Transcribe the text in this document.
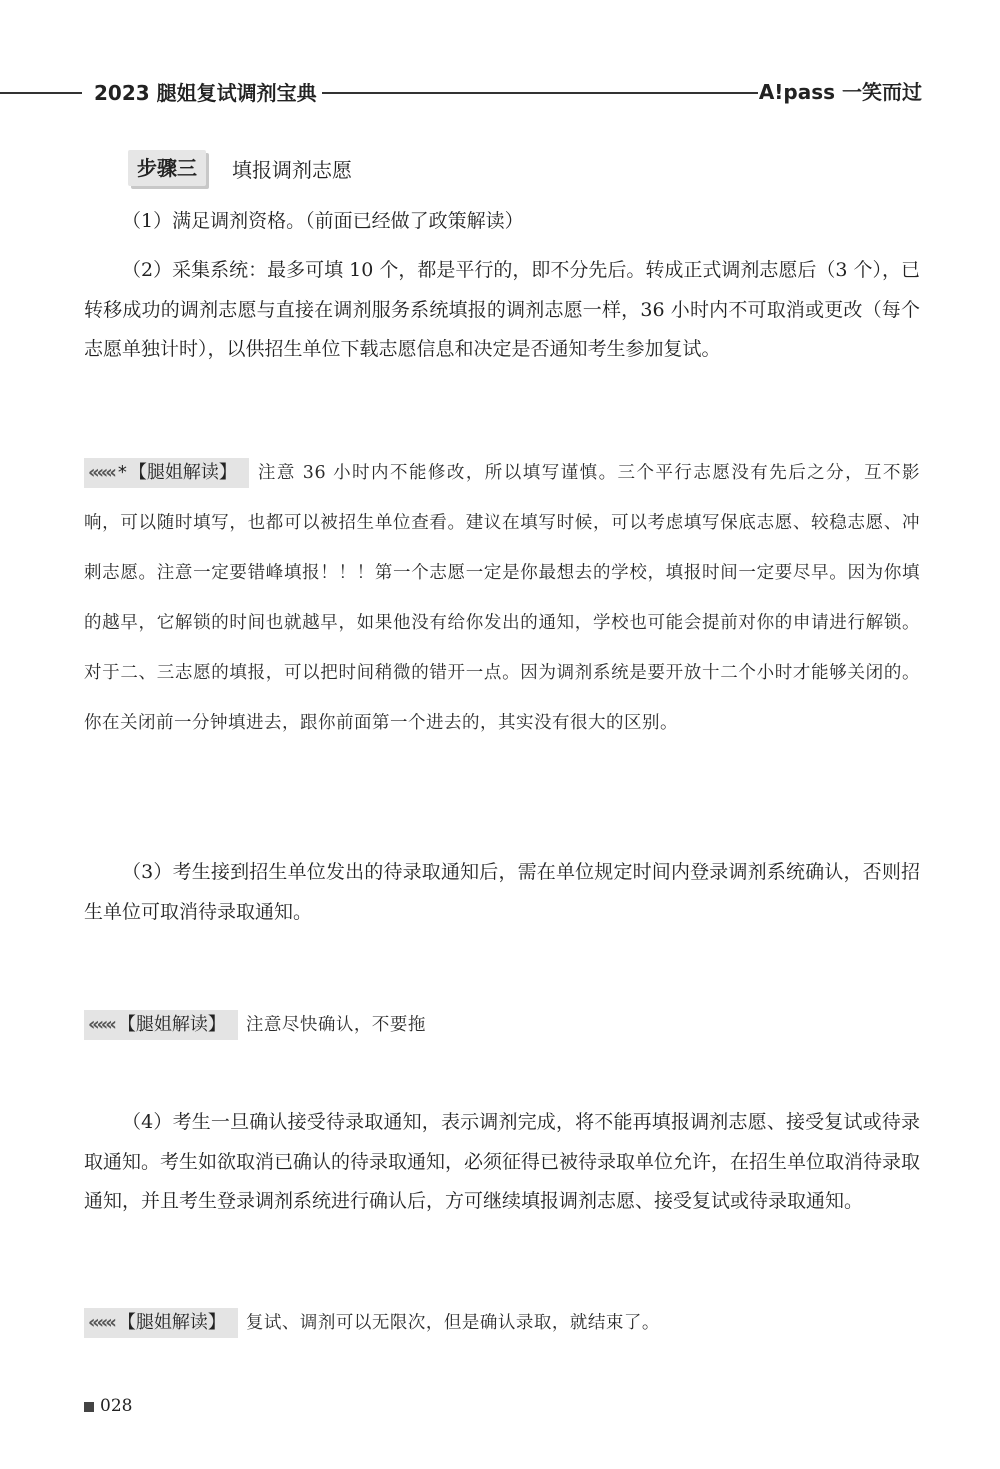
2023 腿姐复试调剂宝典	A!pass 一笑而过
步骤三	填报调剂志愿

（1）满足调剂资格。（前面已经做了政策解读）

（2）采集系统：最多可填 10 个，都是平行的，即不分先后。转成正式调剂志愿后（3 个），已转移成功的调剂志愿与直接在调剂服务系统填报的调剂志愿一样，36 小时内不可取消或更改（每个志愿单独计时），以供招生单位下载志愿信息和决定是否通知考生参加复试。

««« * 【腿姐解读】 注意 36 小时内不能修改，所以填写谨慎。三个平行志愿没有先后之分，互不影响，可以随时填写，也都可以被招生单位查看。建议在填写时候，可以考虑填写保底志愿、较稳志愿、冲刺志愿。注意一定要错峰填报！！！第一个志愿一定是你最想去的学校，填报时间一定要尽早。因为你填的越早，它解锁的时间也就越早，如果他没有给你发出的通知，学校也可能会提前对你的申请进行解锁。对于二、三志愿的填报，可以把时间稍微的错开一点。因为调剂系统是要开放十二个小时才能够关闭的。你在关闭前一分钟填进去，跟你前面第一个进去的，其实没有很大的区别。

（3）考生接到招生单位发出的待录取通知后，需在单位规定时间内登录调剂系统确认，否则招生单位可取消待录取通知。

««« 【腿姐解读】 注意尽快确认，不要拖

（4）考生一旦确认接受待录取通知，表示调剂完成，将不能再填报调剂志愿、接受复试或待录取通知。考生如欲取消已确认的待录取通知，必须征得已被待录取单位允许，在招生单位取消待录取通知，并且考生登录调剂系统进行确认后，方可继续填报调剂志愿、接受复试或待录取通知。

««« 【腿姐解读】 复试、调剂可以无限次，但是确认录取，就结束了。

028
